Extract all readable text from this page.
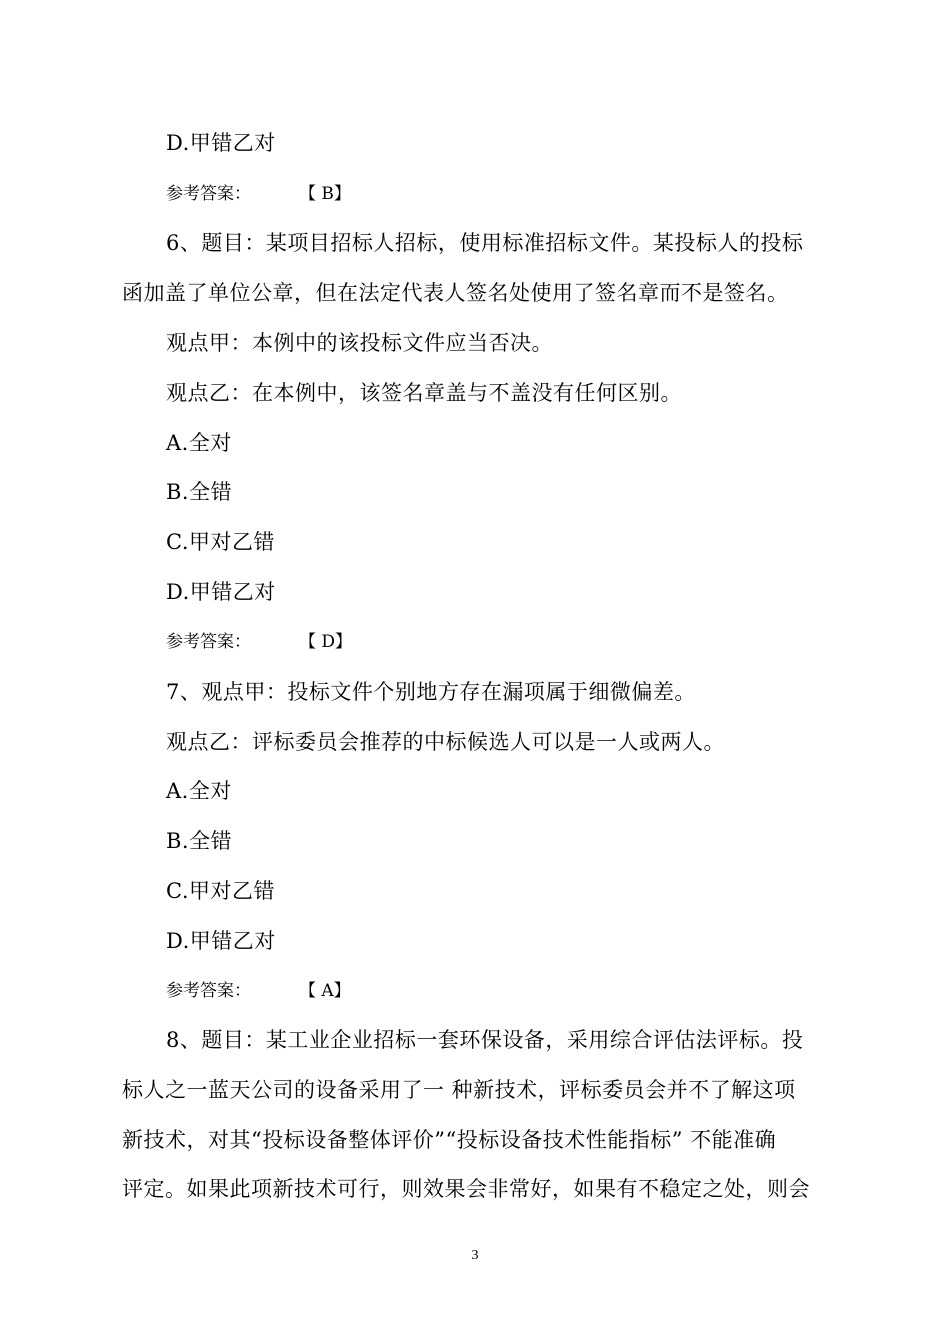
D.甲错乙对

参考答案：	【 B】

6、题目：某项目招标人招标，使用标准招标文件。某投标人的投标

函加盖了单位公章，但在法定代表人签名处使用了签名章而不是签名。

观点甲：本例中的该投标文件应当否决。

观点乙：在本例中，该签名章盖与不盖没有任何区别。

A.全对

B.全错

C.甲对乙错

D.甲错乙对

参考答案：	【 D】

7、观点甲：投标文件个别地方存在漏项属于细微偏差。

观点乙：评标委员会推荐的中标候选人可以是一人或两人。

A.全对

B.全错

C.甲对乙错

D.甲错乙对

参考答案：	【 A】

8、题目：某工业企业招标一套环保设备，采用综合评估法评标。投

标人之一蓝天公司的设备采用了一 种新技术，评标委员会并不了解这项

新技术，对其“投标设备整体评价”“投标设备技术性能指标” 不能准确

评定。如果此项新技术可行，则效果会非常好，如果有不稳定之处，则会

3
